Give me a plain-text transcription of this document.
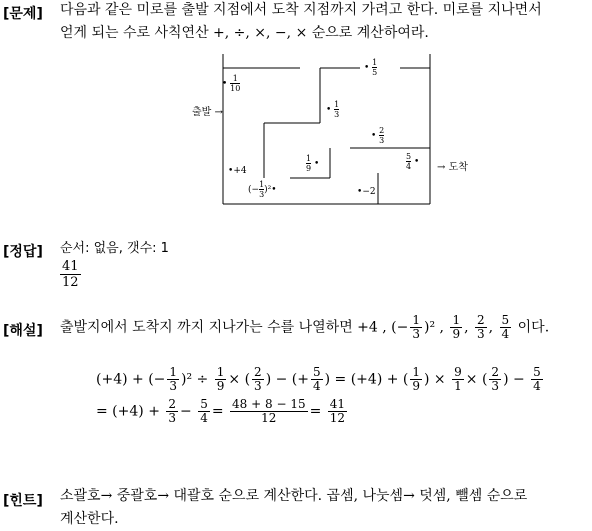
[문제] 다음과 같은 미로를 출발 지점에서 도착 지점까지 가려고 한다. 미로를 지나면서
얻게 되는 수로 사칙연산 +, ÷, ×, −, × 순으로 계산하여라.
출발 →
→ 도착
• $\frac{1}{10}$
• $\frac{1}{5}$
• $\frac{1}{3}$
• $\frac{2}{3}$
$\frac{1}{9}$ •	$\frac{5}{4}$ •
•+4
•−2
(− $\frac{1}{3}$ )²•
[정답] 순서: 없음, 갯수: 1
$\frac{41}{12}$
[해설] 출발지에서 도착지 까지 지나가는 수를 나열하면 +4 , (− $\frac{1}{3} )^2$ , $\frac{1}{9}$ , $\frac{2}{3}$ , $\frac{5}{4}$ 이다.
(+4) + (− $\frac{1}{3} )^2 \div \frac{1}{9}$ × ( $\frac{2}{3}$ ) − (+ $\frac{5}{4}$ ) = (+4) + ( $\frac{1}{9}$ ) × $\frac{9}{1}$ × ( $\frac{2}{3}$ ) − $\frac{5}{4}$
= $(+4) + \frac{2}{3} - \frac{5}{4} = \frac{48 + 8 - 15}{12} = \frac{41}{12}$
[힌트] 소괄호→ 중괄호→ 대괄호 순으로 계산한다. 곱셈, 나눗셈→ 덧셈, 뺄셈 순으로
계산한다.
